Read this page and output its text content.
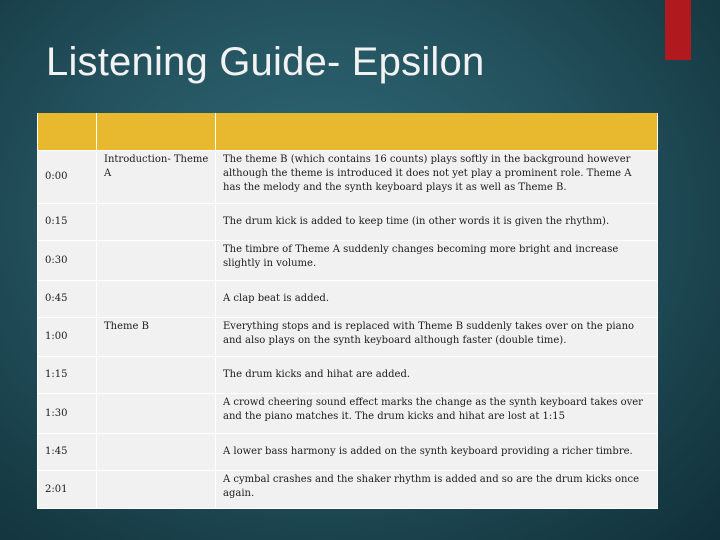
Listening Guide- Epsilon

0:00	Introduction- Theme A	The theme B (which contains 16 counts) plays softly in the background however although the theme is introduced it does not yet play a prominent role. Theme A has the melody and the synth keyboard plays it as well as Theme B.
0:15		The drum kick is added to keep time (in other words it is given the rhythm).
0:30		The timbre of Theme A suddenly changes becoming more bright and increase slightly in volume.
0:45		A clap beat is added.
1:00	Theme B	Everything stops and is replaced with Theme B suddenly takes over on the piano and also plays on the synth keyboard although faster (double time).
1:15		The drum kicks and hihat are added.
1:30		A crowd cheering sound effect marks the change as the synth keyboard takes over and the piano matches it. The drum kicks and hihat are lost at 1:15
1:45		A lower bass harmony is added on the synth keyboard providing a richer timbre.
2:01		A cymbal crashes and the shaker rhythm is added and so are the drum kicks once again.
